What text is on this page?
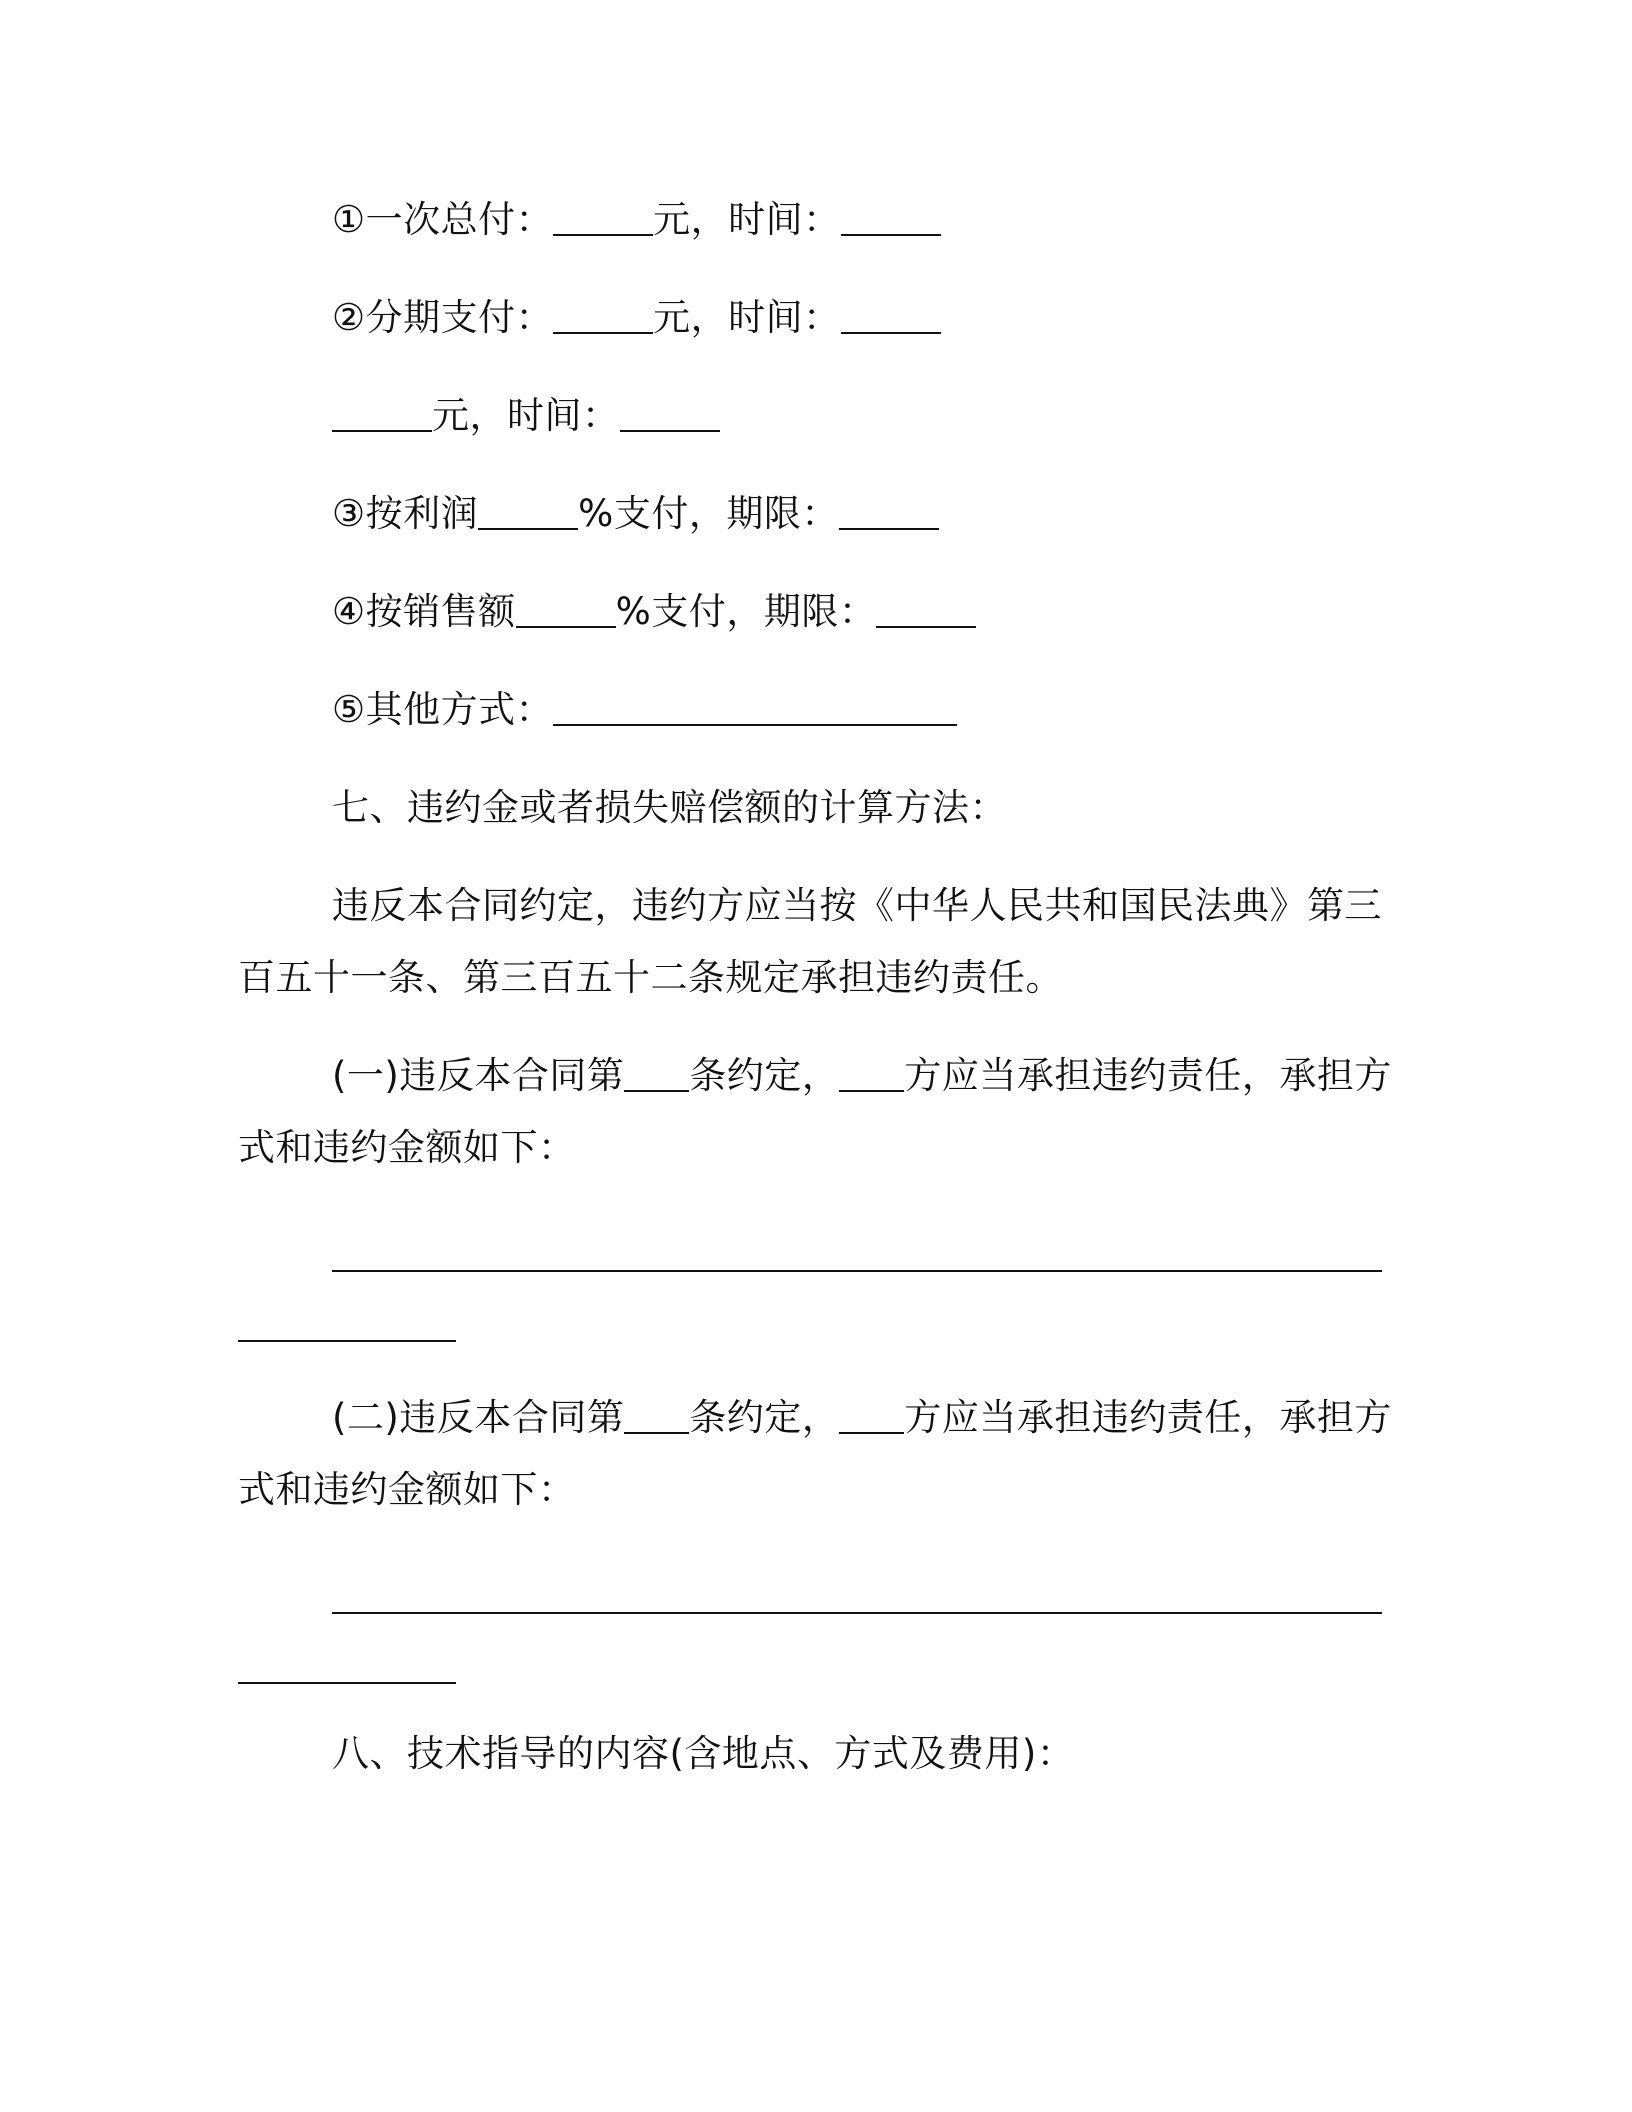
①一次总付：	元，时间：
②分期支付：	元，时间：
元，时间：
③按利润	%支付，期限：
④按销售额	%支付，期限：
⑤其他方式：
七、违约金或者损失赔偿额的计算方法：
违反本合同约定，违约方应当按《中华人民共和国民法典》第三
百五十一条、第三百五十二条规定承担违约责任。
(一)违反本合同第 条约定， 方应当承担违约责任，承担方
式和违约金额如下：
(二)违反本合同第 条约定， 方应当承担违约责任，承担方
式和违约金额如下：
八、技术指导的内容(含地点、方式及费用)：
